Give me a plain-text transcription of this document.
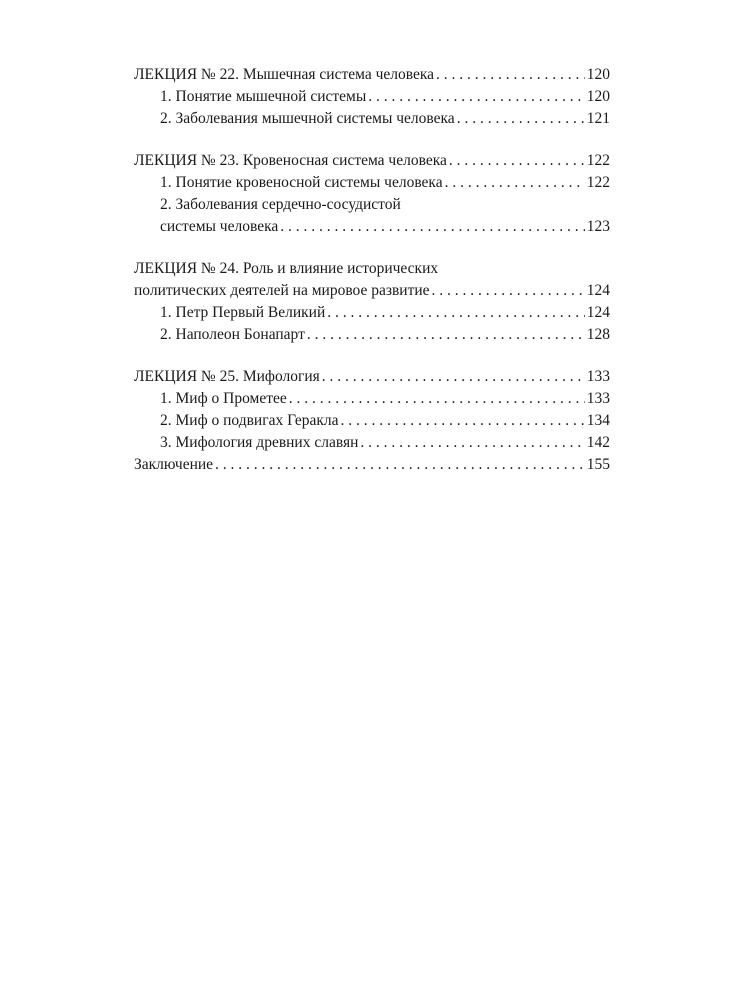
ЛЕКЦИЯ № 22. Мышечная система человека . . .	120
1. Понятие мышечной системы . . .	120
2. Заболевания мышечной системы человека . . .	121
ЛЕКЦИЯ № 23. Кровеносная система человека . . .	122
1. Понятие кровеносной системы человека . . .	122
2. Заболевания сердечно-сосудистой
системы человека . . .	123
ЛЕКЦИЯ № 24. Роль и влияние исторических
политических деятелей на мировое развитие . . .	124
1. Петр Первый Великий . . .	124
2. Наполеон Бонапарт . . .	128
ЛЕКЦИЯ № 25. Мифология . . .	133
1. Миф о Прометее . . .	133
2. Миф о подвигах Геракла . . .	134
3. Мифология древних славян . . .	142
Заключение . . .	155
